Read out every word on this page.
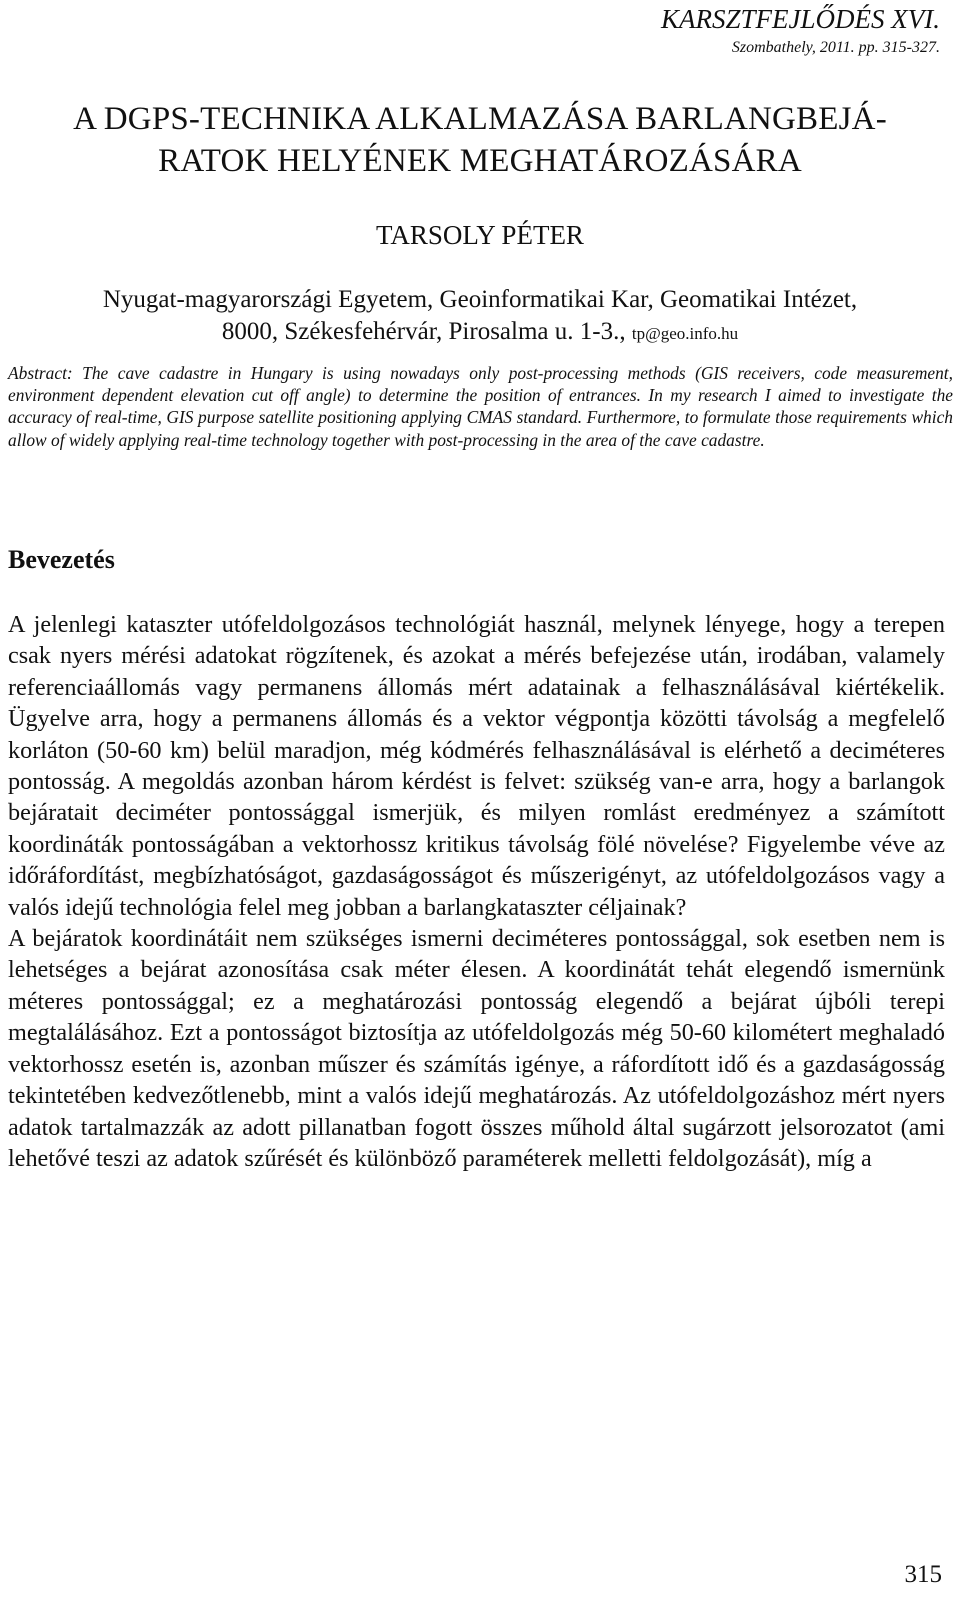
KARSZTFEJLŐDÉS XVI.
Szombathely, 2011. pp. 315-327.
A DGPS-TECHNIKA ALKALMAZÁSA BARLANGBEJÁ-
RATOK HELYÉNEK MEGHATÁROZÁSÁRA
TARSOLY PÉTER
Nyugat-magyarországi Egyetem, Geoinformatikai Kar, Geomatikai Intézet,
8000, Székesfehérvár, Pirosalma u. 1-3., tp@geo.info.hu

Abstract: The cave cadastre in Hungary is using nowadays only post-processing methods (GIS receivers, code measurement, environment dependent elevation cut off angle) to determine the position of entrances. In my research I aimed to investigate the accuracy of real-time, GIS purpose satellite positioning applying CMAS standard. Furthermore, to formulate those requirements which allow of widely applying real-time technology together with post-processing in the area of the cave cadastre.

Bevezetés

A jelenlegi kataszter utófeldolgozásos technológiát használ, melynek lényege, hogy a terepen csak nyers mérési adatokat rögzítenek, és azokat a mérés befejezése után, irodában, valamely referenciaállomás vagy permanens állomás mért adatainak a felhasználásával kiértékelik. Ügyelve arra, hogy a permanens állomás és a vektor végpontja közötti távolság a megfelelő korláton (50-60 km) belül maradjon, még kódmérés felhasználásával is elérhető a deciméteres pontosság. A megoldás azonban három kérdést is felvet: szükség van-e arra, hogy a barlangok bejáratait deciméter pontossággal ismerjük, és milyen romlást eredményez a számított koordináták pontosságában a vektorhossz kritikus távolság fölé növelése? Figyelembe véve az időráfordítást, megbízhatóságot, gazdaságosságot és műszerigényt, az utófeldolgozásos vagy a valós idejű technológia felel meg jobban a barlangkataszter céljainak?

A bejáratok koordinátáit nem szükséges ismerni deciméteres pontossággal, sok esetben nem is lehetséges a bejárat azonosítása csak méter élesen. A koordinátát tehát elegendő ismernünk méteres pontossággal; ez a meghatározási pontosság elegendő a bejárat újbóli terepi megtalálásához. Ezt a pontosságot biztosítja az utófeldolgozás még 50-60 kilométert meghaladó vektorhossz esetén is, azonban műszer és számítás igénye, a ráfordított idő és a gazdaságosság tekintetében kedvezőtlenebb, mint a valós idejű meghatározás. Az utófeldolgozáshoz mért nyers adatok tartalmazzák az adott pillanatban fogott összes műhold által sugárzott jelsorozatot (ami lehetővé teszi az adatok szűrését és különböző paraméterek melletti feldolgozását), míg a

315
